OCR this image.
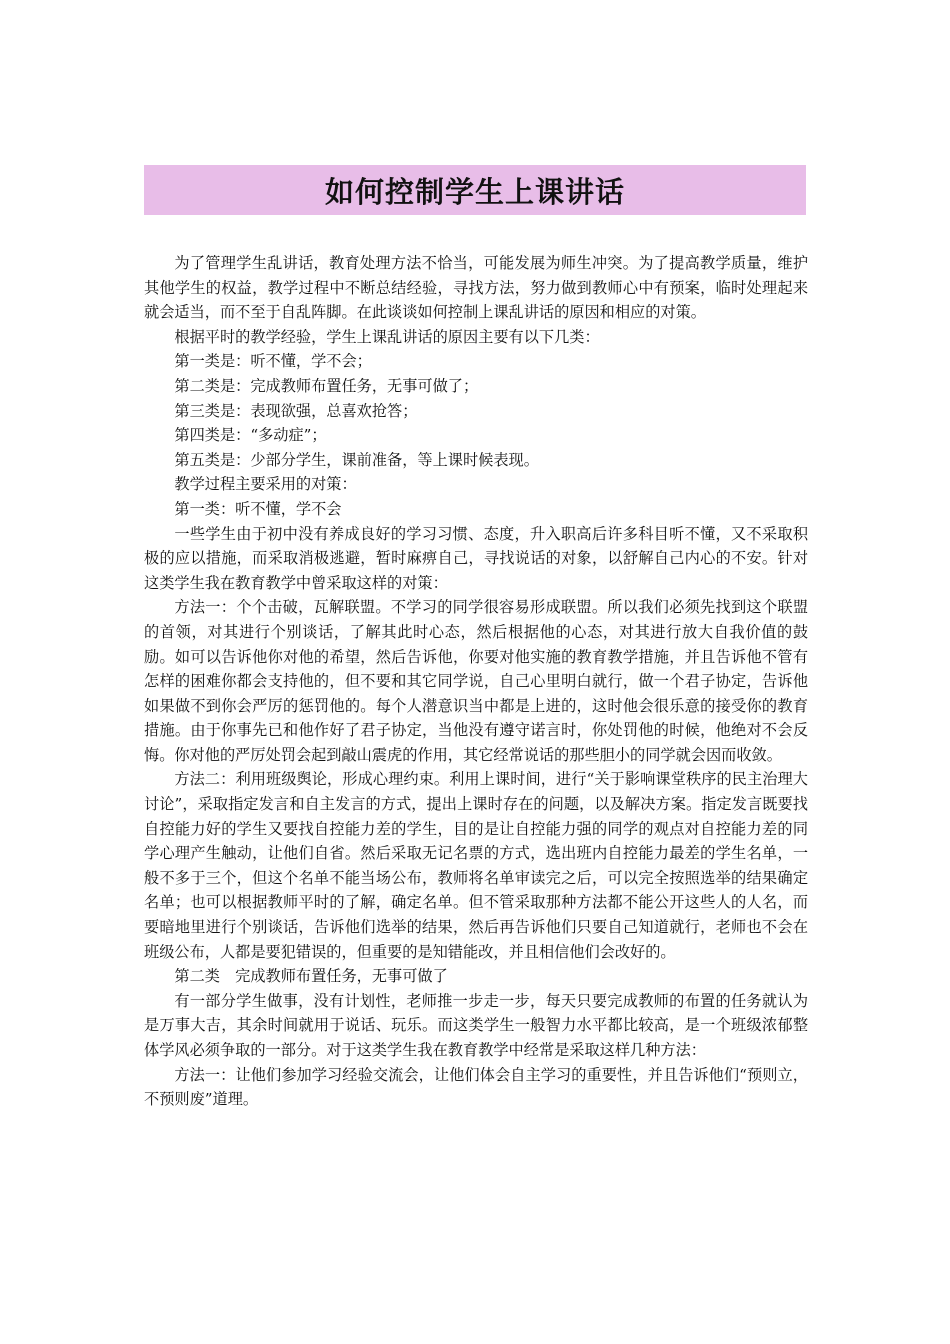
如何控制学生上课讲话

为了管理学生乱讲话，教育处理方法不恰当，可能发展为师生冲突。为了提高教学质量，维护其他学生的权益，教学过程中不断总结经验，寻找方法，努力做到教师心中有预案，临时处理起来就会适当，而不至于自乱阵脚。在此谈谈如何控制上课乱讲话的原因和相应的对策。

根据平时的教学经验，学生上课乱讲话的原因主要有以下几类：

第一类是：听不懂，学不会；

第二类是：完成教师布置任务，无事可做了；

第三类是：表现欲强，总喜欢抢答；

第四类是：“多动症”；

第五类是：少部分学生，课前准备，等上课时候表现。

教学过程主要采用的对策：

第一类：听不懂，学不会

一些学生由于初中没有养成良好的学习习惯、态度，升入职高后许多科目听不懂，又不采取积极的应以措施，而采取消极逃避，暂时麻痹自己，寻找说话的对象，以舒解自己内心的不安。针对这类学生我在教育教学中曾采取这样的对策：

方法一：个个击破，瓦解联盟。不学习的同学很容易形成联盟。所以我们必须先找到这个联盟的首领，对其进行个别谈话，了解其此时心态，然后根据他的心态，对其进行放大自我价值的鼓励。如可以告诉他你对他的希望，然后告诉他，你要对他实施的教育教学措施，并且告诉他不管有怎样的困难你都会支持他的，但不要和其它同学说，自己心里明白就行，做一个君子协定，告诉他如果做不到你会严厉的惩罚他的。每个人潜意识当中都是上进的，这时他会很乐意的接受你的教育措施。由于你事先已和他作好了君子协定，当他没有遵守诺言时，你处罚他的时候，他绝对不会反悔。你对他的严厉处罚会起到敲山震虎的作用，其它经常说话的那些胆小的同学就会因而收敛。

方法二：利用班级舆论，形成心理约束。利用上课时间，进行“关于影响课堂秩序的民主治理大讨论”，采取指定发言和自主发言的方式，提出上课时存在的问题，以及解决方案。指定发言既要找自控能力好的学生又要找自控能力差的学生，目的是让自控能力强的同学的观点对自控能力差的同学心理产生触动，让他们自省。然后采取无记名票的方式，选出班内自控能力最差的学生名单，一般不多于三个，但这个名单不能当场公布，教师将名单审读完之后，可以完全按照选举的结果确定名单；也可以根据教师平时的了解，确定名单。但不管采取那种方法都不能公开这些人的人名，而要暗地里进行个别谈话，告诉他们选举的结果，然后再告诉他们只要自己知道就行，老师也不会在班级公布，人都是要犯错误的，但重要的是知错能改，并且相信他们会改好的。

第二类　完成教师布置任务，无事可做了

有一部分学生做事，没有计划性，老师推一步走一步，每天只要完成教师的布置的任务就认为是万事大吉，其余时间就用于说话、玩乐。而这类学生一般智力水平都比较高，是一个班级浓郁整体学风必须争取的一部分。对于这类学生我在教育教学中经常是采取这样几种方法：

方法一：让他们参加学习经验交流会，让他们体会自主学习的重要性，并且告诉他们“预则立，不预则废”道理。
